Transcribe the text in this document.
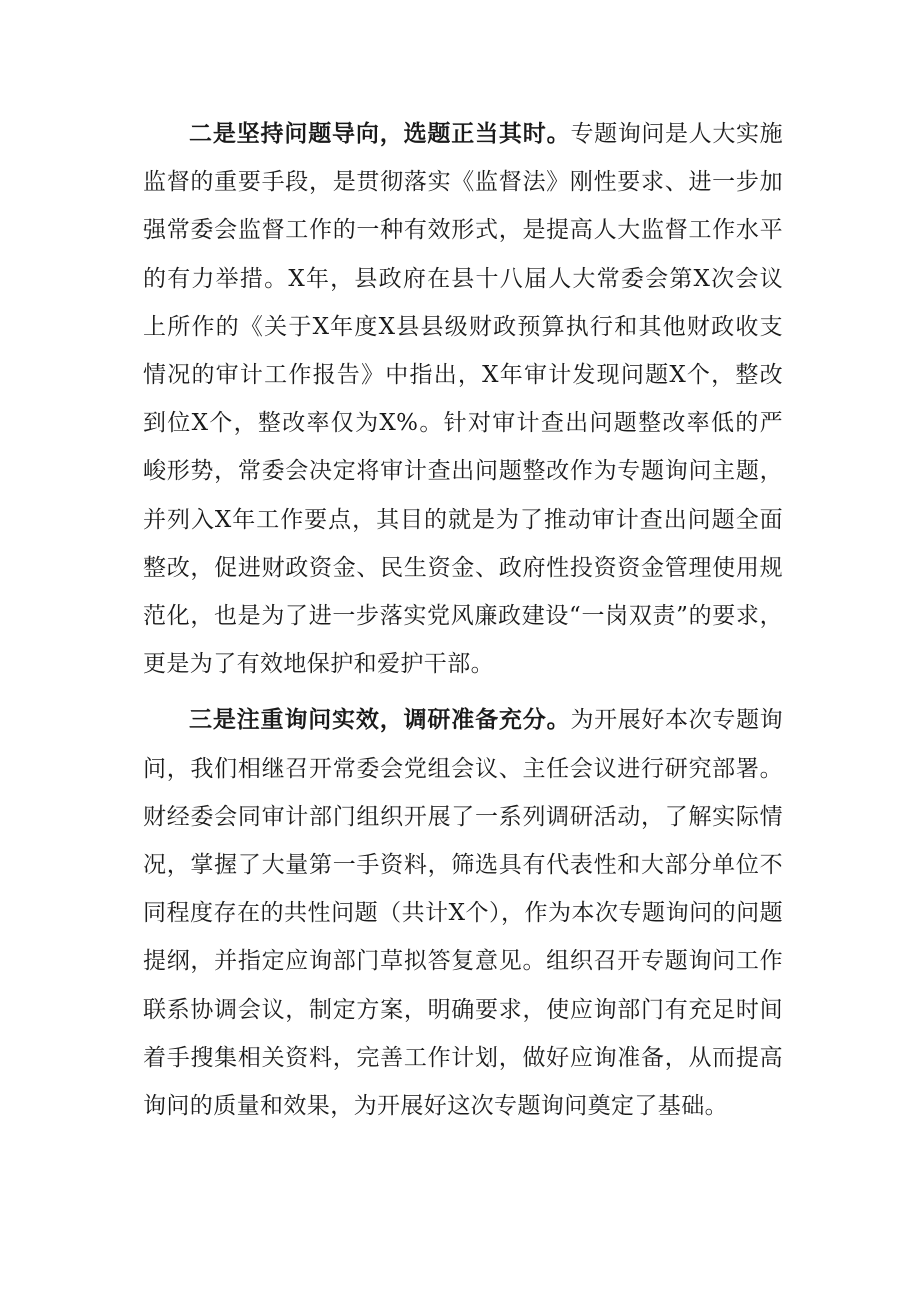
二是坚持问题导向，选题正当其时。专题询问是人大实施监督的重要手段，是贯彻落实《监督法》刚性要求、进一步加强常委会监督工作的一种有效形式，是提高人大监督工作水平的有力举措。X年，县政府在县十八届人大常委会第X次会议上所作的《关于X年度X县县级财政预算执行和其他财政收支情况的审计工作报告》中指出，X年审计发现问题X个，整改到位X个，整改率仅为X%。针对审计查出问题整改率低的严峻形势，常委会决定将审计查出问题整改作为专题询问主题，并列入X年工作要点，其目的就是为了推动审计查出问题全面整改，促进财政资金、民生资金、政府性投资资金管理使用规范化，也是为了进一步落实党风廉政建设“一岗双责”的要求，更是为了有效地保护和爱护干部。

三是注重询问实效，调研准备充分。为开展好本次专题询问，我们相继召开常委会党组会议、主任会议进行研究部署。财经委会同审计部门组织开展了一系列调研活动，了解实际情况，掌握了大量第一手资料，筛选具有代表性和大部分单位不同程度存在的共性问题（共计X个），作为本次专题询问的问题提纲，并指定应询部门草拟答复意见。组织召开专题询问工作联系协调会议，制定方案，明确要求，使应询部门有充足时间着手搜集相关资料，完善工作计划，做好应询准备，从而提高询问的质量和效果，为开展好这次专题询问奠定了基础。
